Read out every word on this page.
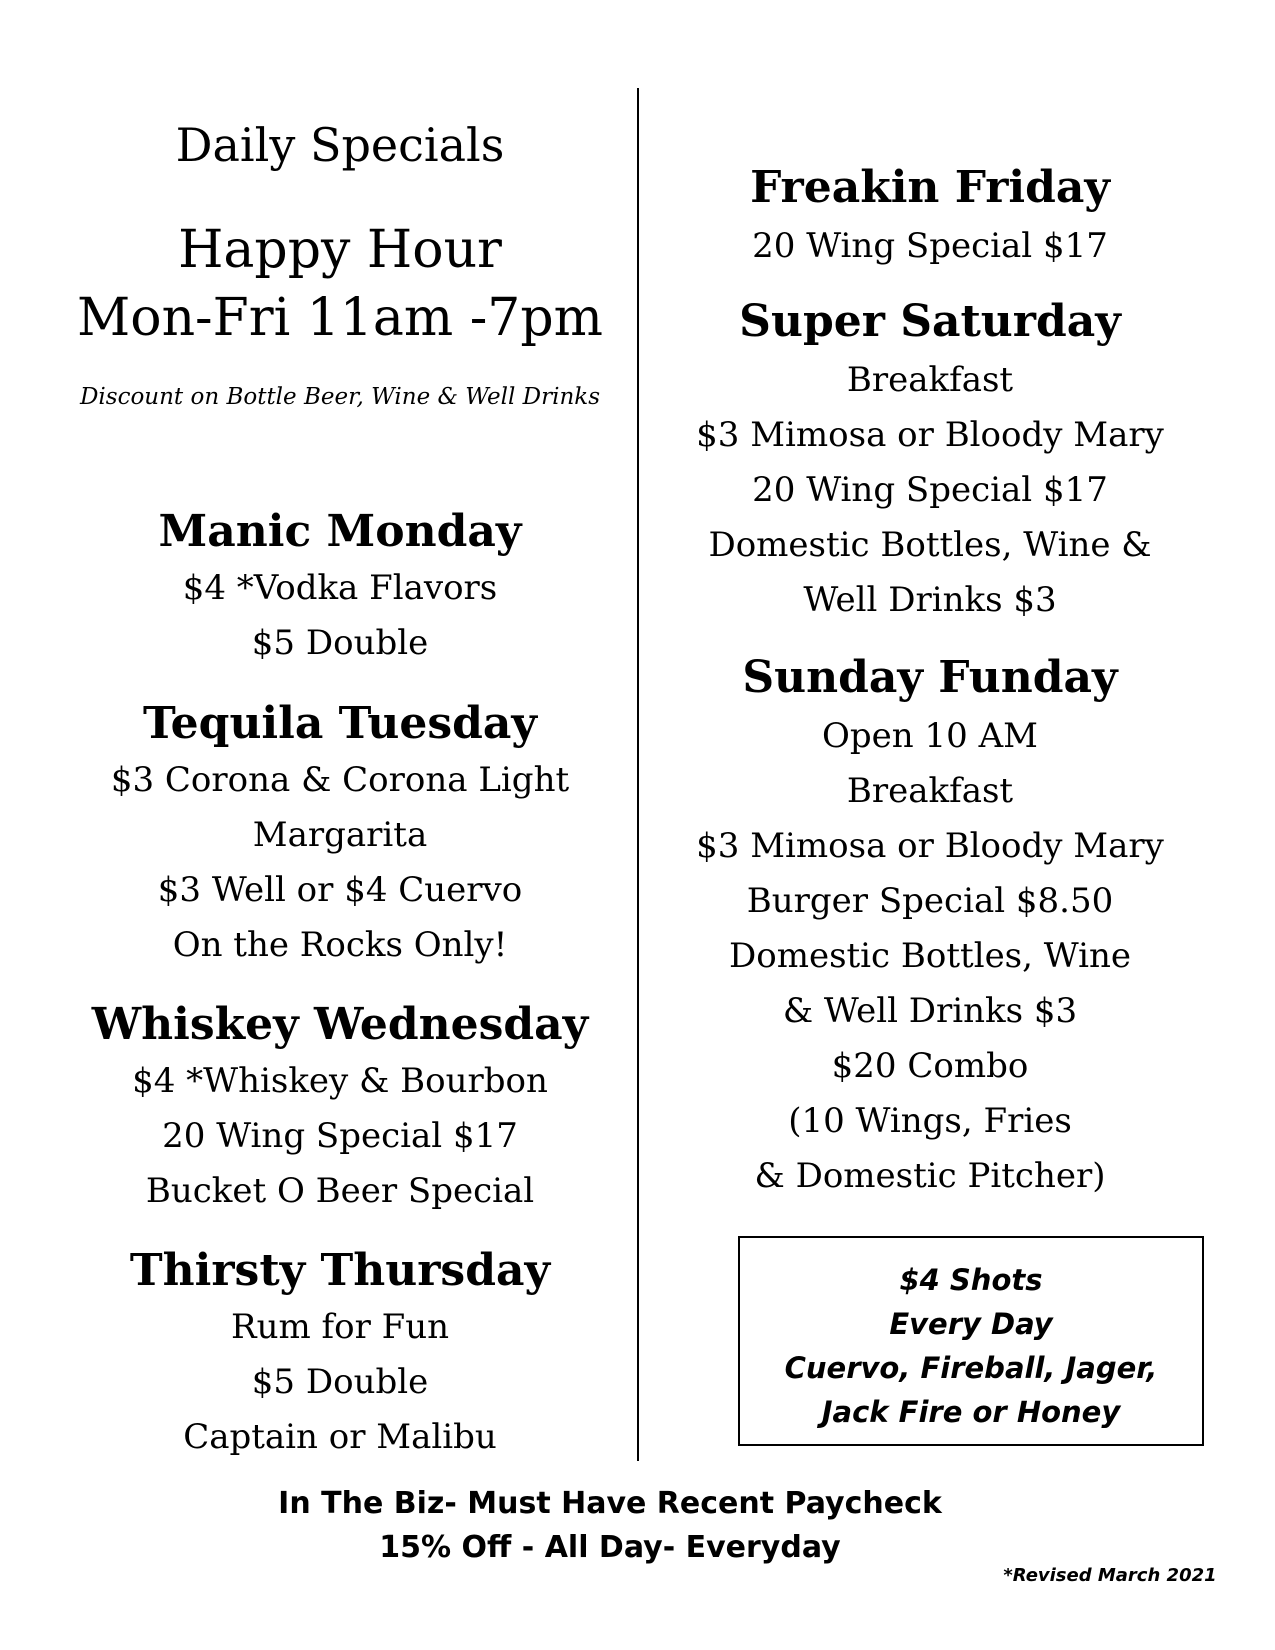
Daily Specials
Happy Hour
Mon-Fri 11am -7pm
Discount on Bottle Beer, Wine & Well Drinks
Manic Monday
$4 *Vodka Flavors
$5 Double
Tequila Tuesday
$3 Corona & Corona Light
Margarita
$3 Well or $4 Cuervo
On the Rocks Only!
Whiskey Wednesday
$4 *Whiskey & Bourbon
20 Wing Special $17
Bucket O Beer Special
Thirsty Thursday
Rum for Fun
$5 Double
Captain or Malibu
Freakin Friday
20 Wing Special $17
Super Saturday
Breakfast
$3 Mimosa or Bloody Mary
20 Wing Special $17
Domestic Bottles, Wine &
Well Drinks $3
Sunday Funday
Open 10 AM
Breakfast
$3 Mimosa or Bloody Mary
Burger Special $8.50
Domestic Bottles, Wine
& Well Drinks $3
$20 Combo
(10 Wings, Fries
& Domestic Pitcher)
$4 Shots
Every Day
Cuervo, Fireball, Jager,
Jack Fire or Honey
In The Biz- Must Have Recent Paycheck
15% Off - All Day- Everyday
*Revised March 2021
